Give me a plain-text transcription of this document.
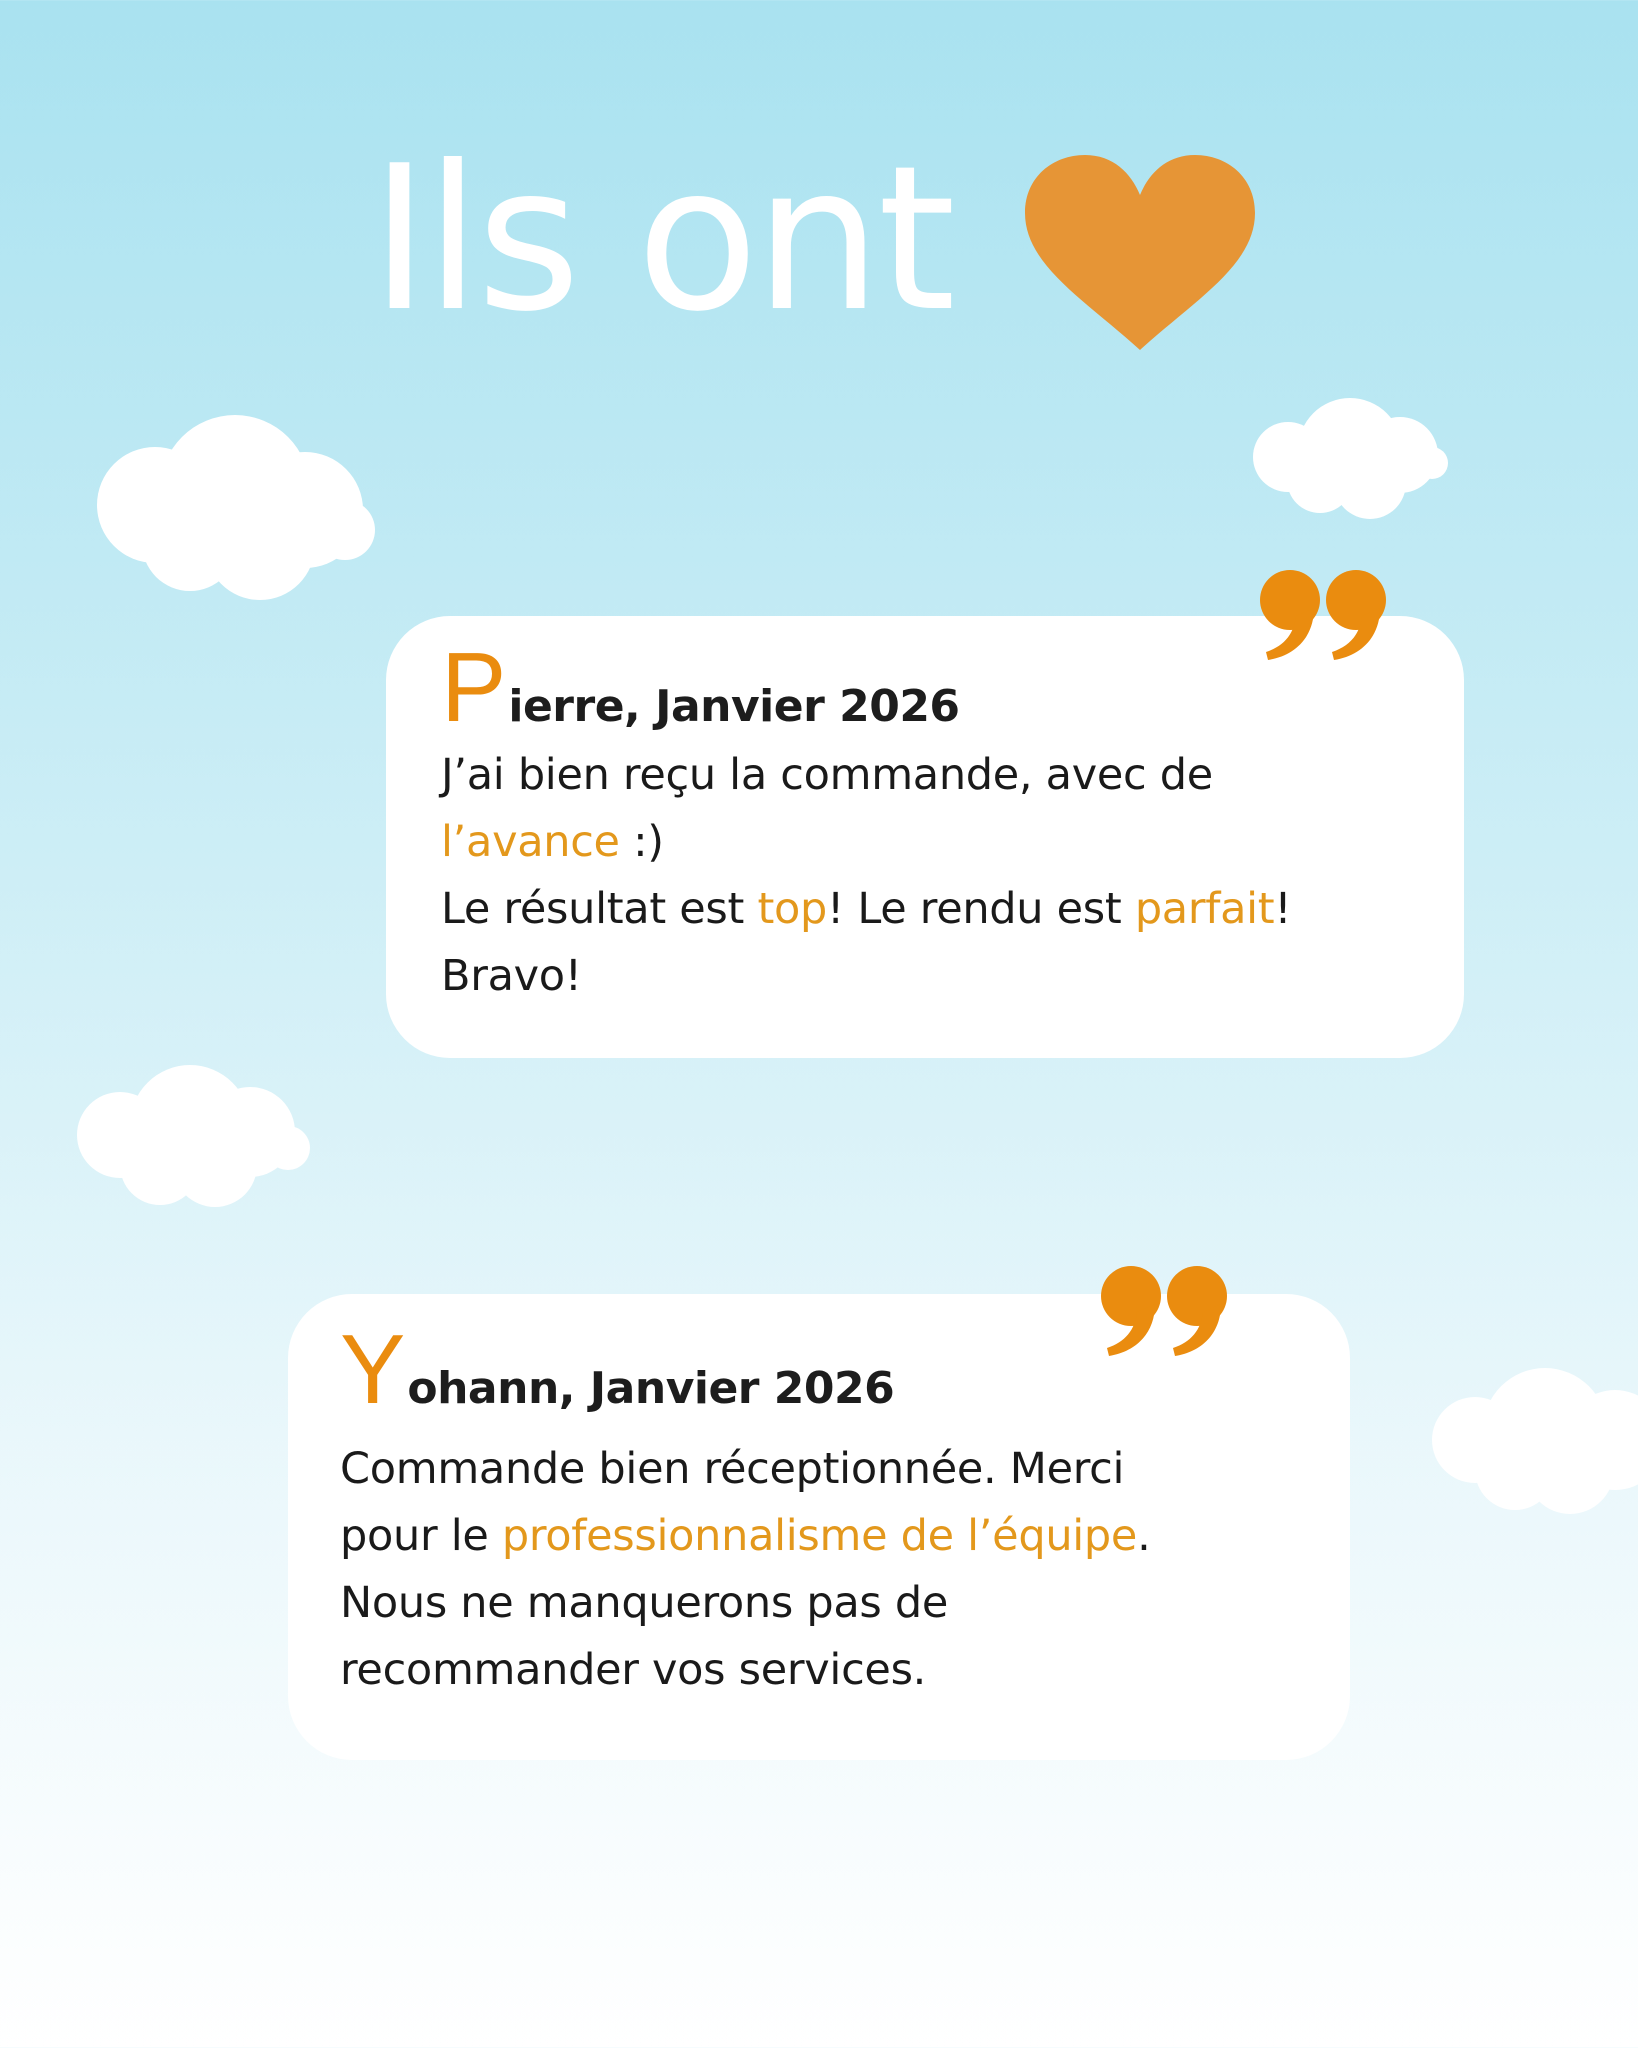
Ils ont
P ierre, Janvier 2026
J’ai bien reçu la commande, avec de
l’avance :)
Le résultat est top! Le rendu est parfait!
Bravo!
Y ohann, Janvier 2026
Commande bien réceptionnée. Merci
pour le professionnalisme de l’équipe.
Nous ne manquerons pas de
recommander vos services.
